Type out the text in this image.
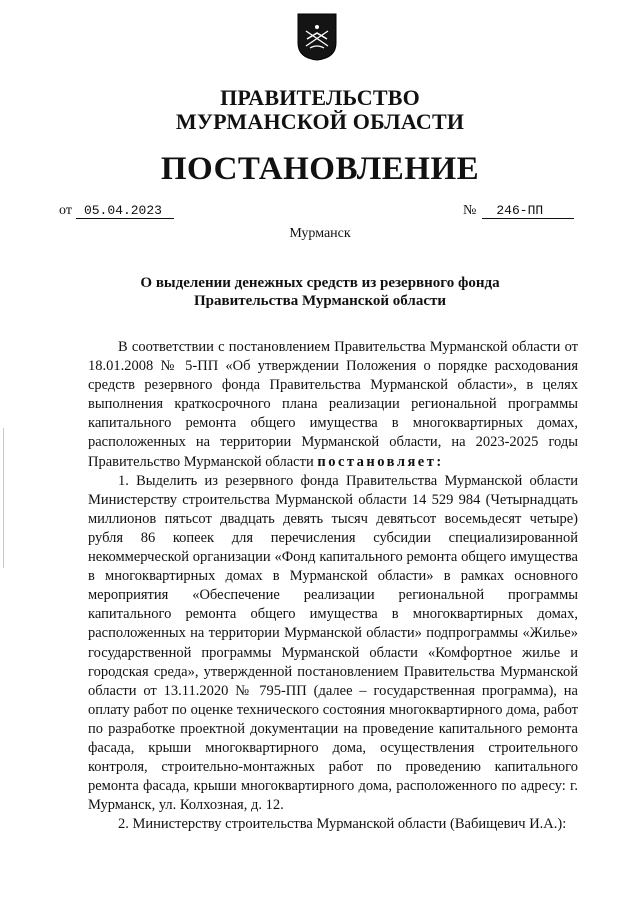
ПРАВИТЕЛЬСТВО
МУРМАНСКОЙ ОБЛАСТИ
ПОСТАНОВЛЕНИЕ
от 05.04.2023	№ 246-ПП
Мурманск
О выделении денежных средств из резервного фонда
Правительства Мурманской области

В соответствии с постановлением Правительства Мурманской области от 18.01.2008 № 5-ПП «Об утверждении Положения о порядке расходования средств резервного фонда Правительства Мурманской области», в целях выполнения краткосрочного плана реализации региональной программы капитального ремонта общего имущества в многоквартирных домах, расположенных на территории Мурманской области, на 2023-2025 годы Правительство Мурманской области постановляет:

1. Выделить из резервного фонда Правительства Мурманской области Министерству строительства Мурманской области 14 529 984 (Четырнадцать миллионов пятьсот двадцать девять тысяч девятьсот восемьдесят четыре) рубля 86 копеек для перечисления субсидии специализированной некоммерческой организации «Фонд капитального ремонта общего имущества в многоквартирных домах в Мурманской области» в рамках основного мероприятия «Обеспечение реализации региональной программы капитального ремонта общего имущества в многоквартирных домах, расположенных на территории Мурманской области» подпрограммы «Жилье» государственной программы Мурманской области «Комфортное жилье и городская среда», утвержденной постановлением Правительства Мурманской области от 13.11.2020 № 795-ПП (далее – государственная программа), на оплату работ по оценке технического состояния многоквартирного дома, работ по разработке проектной документации на проведение капитального ремонта фасада, крыши многоквартирного дома, осуществления строительного контроля, строительно-монтажных работ по проведению капитального ремонта фасада, крыши многоквартирного дома, расположенного по адресу: г. Мурманск, ул. Колхозная, д. 12.

2. Министерству строительства Мурманской области (Вабищевич И.А.):
